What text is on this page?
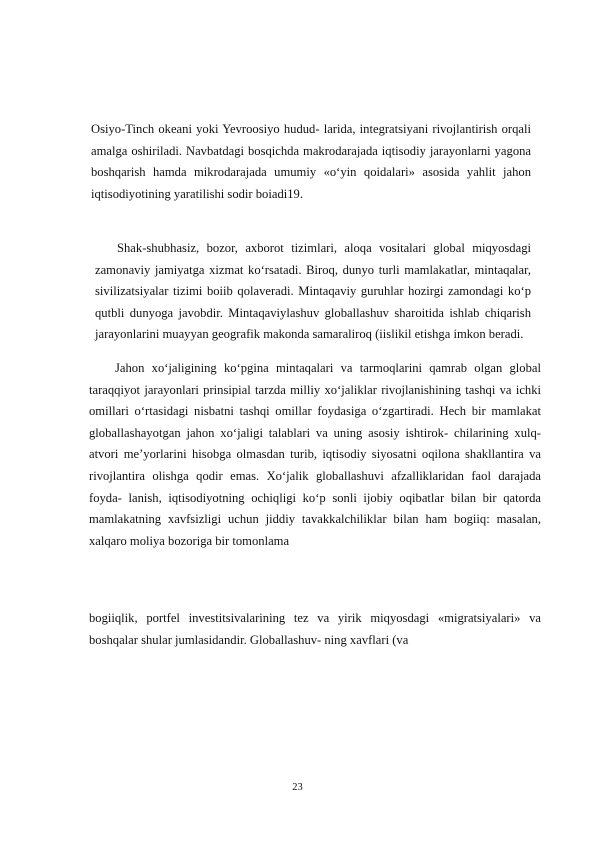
Osiyo-Tinch okeani yoki Yevroosiyo hudud- larida, integratsiyani rivojlantirish orqali amalga oshiriladi. Navbatdagi bosqichda makrodarajada iqtisodiy jarayonlarni yagona boshqarish hamda mikrodarajada umumiy «o‘yin qoidalari» asosida yahlit jahon iqtisodiyotining yaratilishi sodir boiadi19.

Shak-shubhasiz, bozor, axborot tizimlari, aloqa vositalari global miqyosdagi zamonaviy jamiyatga xizmat ko‘rsatadi. Biroq, dunyo turli mamlakatlar, mintaqalar, sivilizatsiyalar tizimi boiib qolaveradi. Mintaqaviy guruhlar hozirgi zamondagi ko‘p qutbli dunyoga javobdir. Mintaqaviylashuv globallashuv sharoitida ishlab chiqarish jarayonlarini muayyan geografik makonda samaraliroq (iislikil etishga imkon beradi.

Jahon xo‘jaligining ko‘pgina mintaqalari va tarmoqlarini qamrab olgan global taraqqiyot jarayonlari prinsipial tarzda milliy xo‘jaliklar rivojlanishining tashqi va ichki omillari o‘rtasidagi nisbatni tashqi omillar foydasiga o‘zgartiradi. Hech bir mamlakat globallashayotgan jahon xo‘jaligi talablari va uning asosiy ishtirok- chilarining xulq-atvori me’yorlarini hisobga olmasdan turib, iqtisodiy siyosatni oqilona shakllantira va rivojlantira olishga qodir emas. Xo‘jalik globallashuvi afzalliklaridan faol darajada foyda- lanish, iqtisodiyotning ochiqligi ko‘p sonli ijobiy oqibatlar bilan bir qatorda mamlakatning xavfsizligi uchun jiddiy tavakkalchiliklar bilan ham bogiiq: masalan, xalqaro moliya bozoriga bir tomonlama

bogiiqlik, portfel investitsivalarining tez va yirik miqyosdagi «migratsiyalari» va boshqalar shular jumlasidandir. Globallashuv- ning xavflari (va

23
